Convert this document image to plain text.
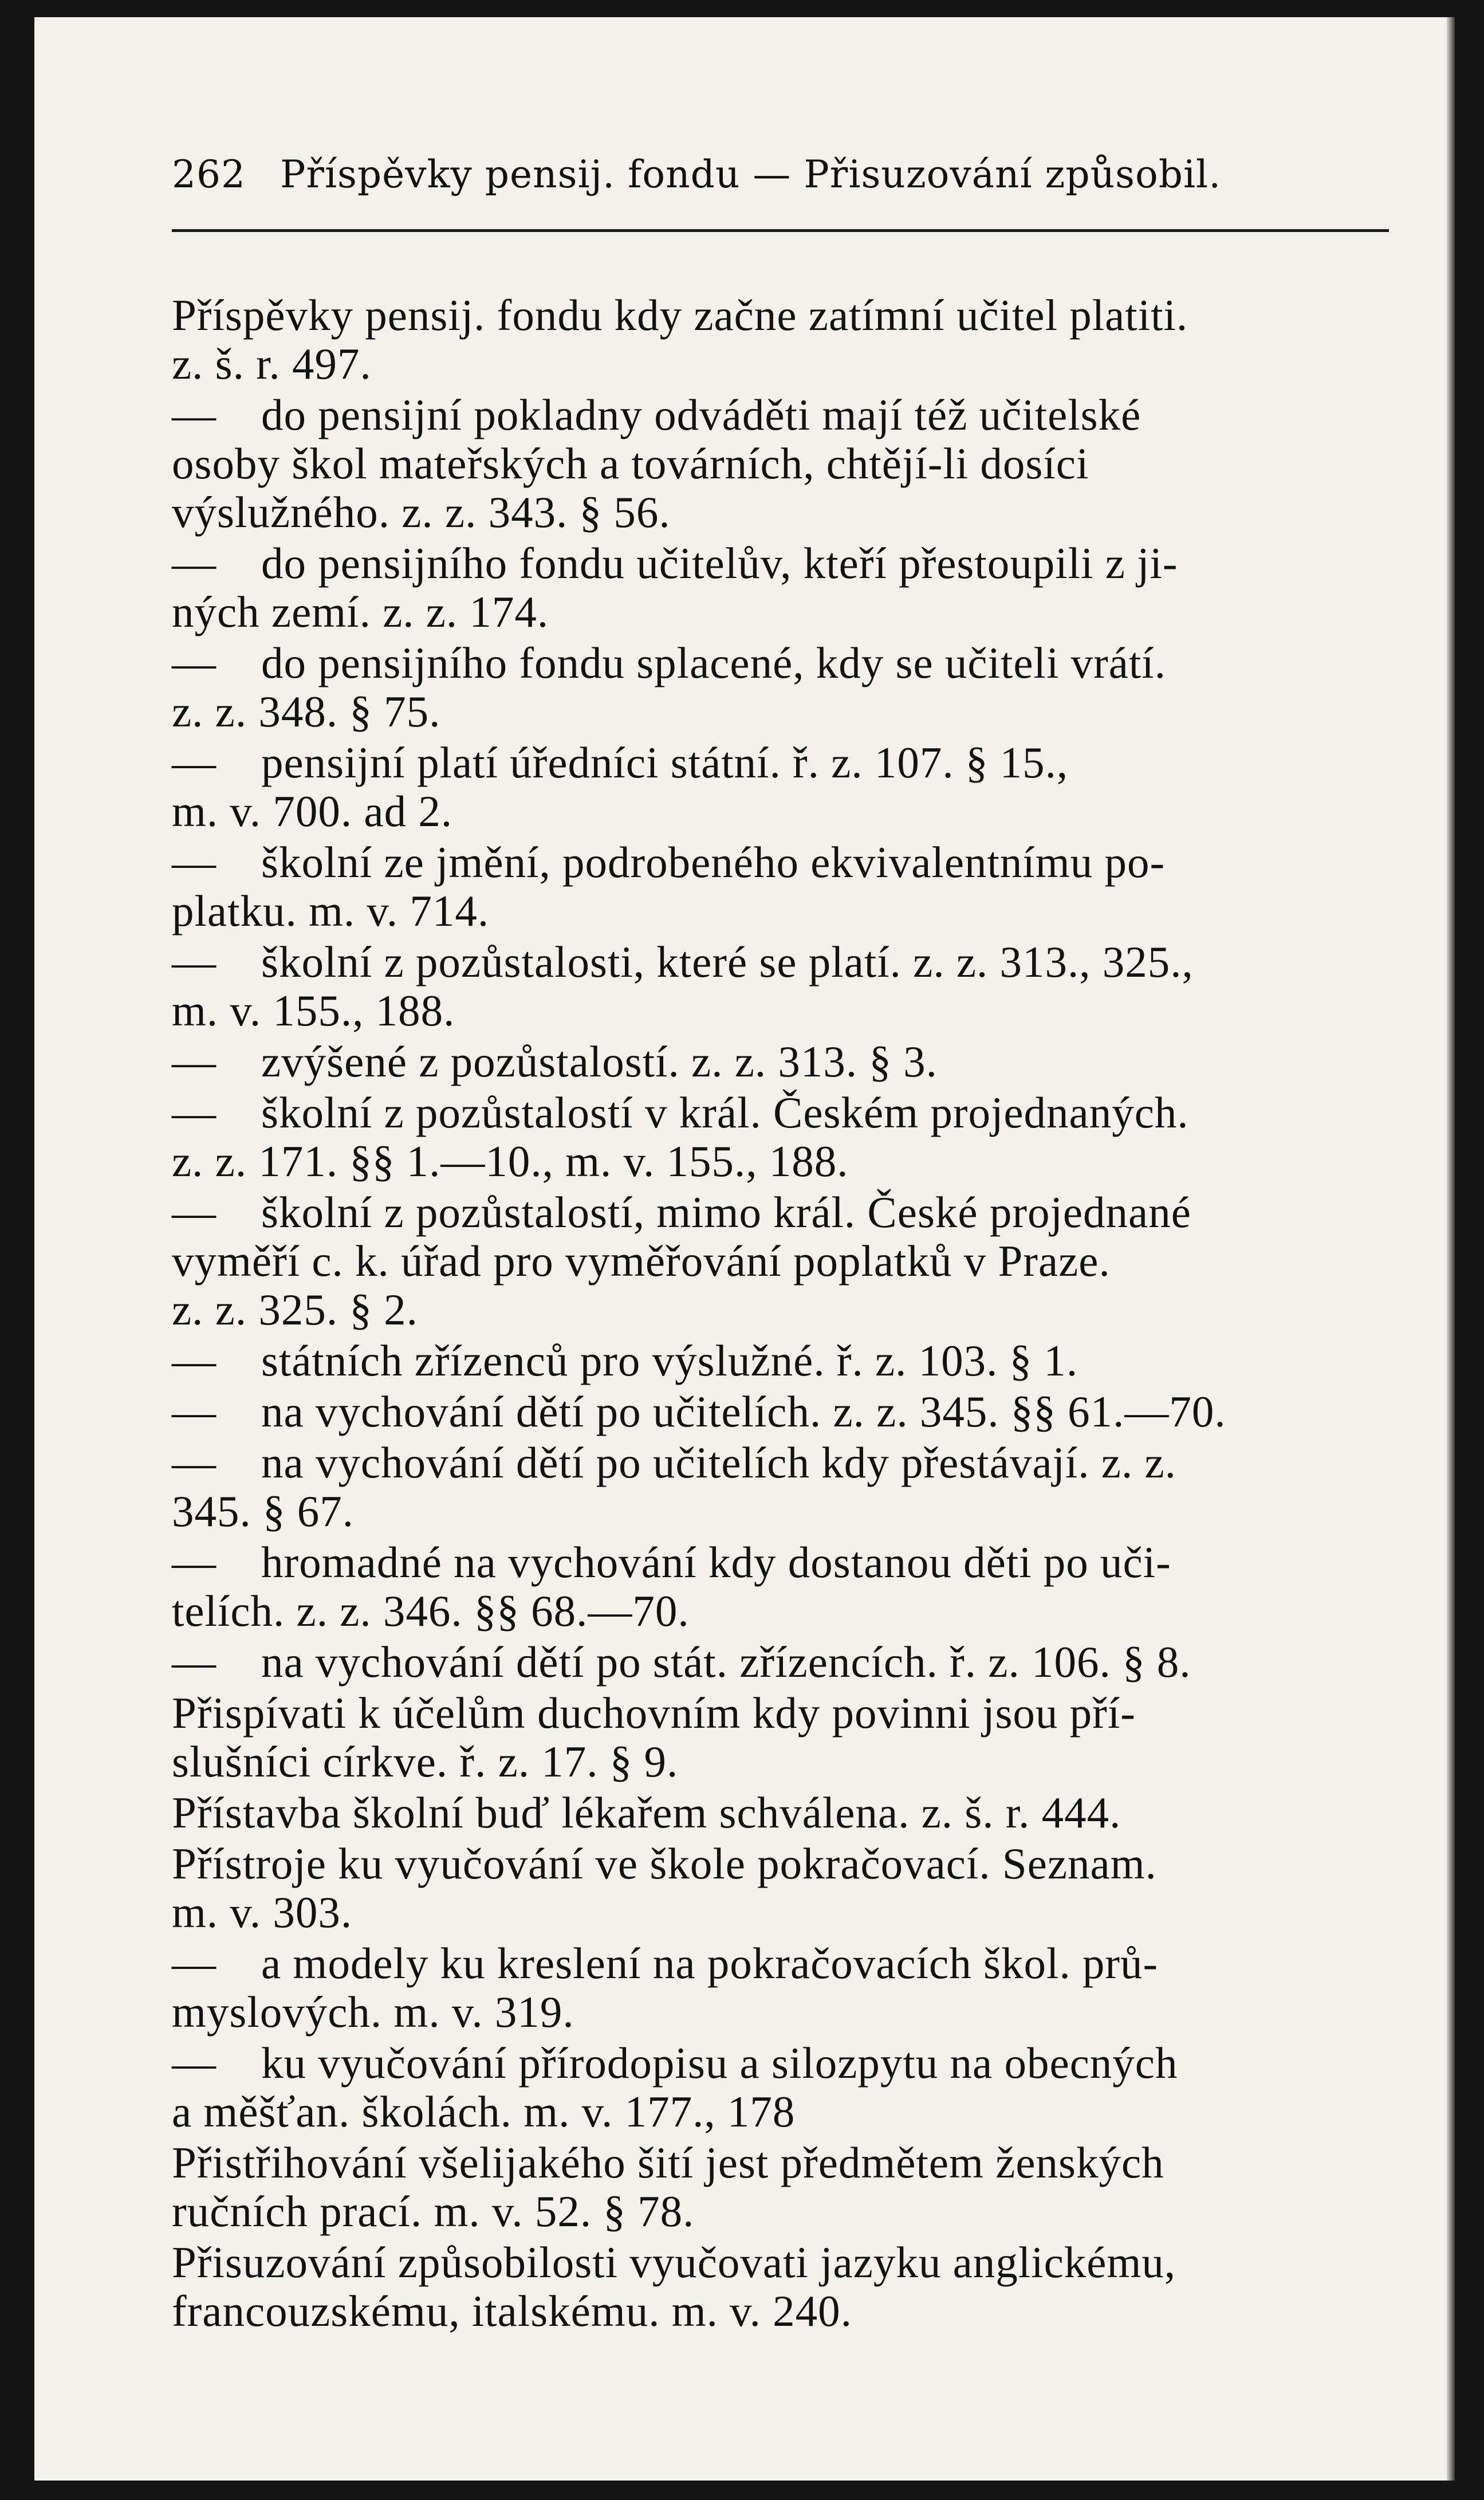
262 Příspěvky pensij. fondu — Přisuzování způsobil.
Příspěvky pensij. fondu kdy začne zatímní učitel platiti.
z. š. r. 497.
— do pensijní pokladny odváděti mají též učitelské
osoby škol mateřských a továrních, chtějí-li dosíci
výslužného. z. z. 343. § 56.
— do pensijního fondu učitelův, kteří přestoupili z ji-
ných zemí. z. z. 174.
— do pensijního fondu splacené, kdy se učiteli vrátí.
z. z. 348. § 75.
— pensijní platí úředníci státní. ř. z. 107. § 15.,
m. v. 700. ad 2.
— školní ze jmění, podrobeného ekvivalentnímu po-
platku. m. v. 714.
— školní z pozůstalosti, které se platí. z. z. 313., 325.,
m. v. 155., 188.
— zvýšené z pozůstalostí. z. z. 313. § 3.
— školní z pozůstalostí v král. Českém projednaných.
z. z. 171. §§ 1.—10., m. v. 155., 188.
— školní z pozůstalostí, mimo král. České projednané
vyměří c. k. úřad pro vyměřování poplatků v Praze.
z. z. 325. § 2.
— státních zřízenců pro výslužné. ř. z. 103. § 1.
— na vychování dětí po učitelích. z. z. 345. §§ 61.—70.
— na vychování dětí po učitelích kdy přestávají. z. z.
345. § 67.
— hromadné na vychování kdy dostanou děti po uči-
telích. z. z. 346. §§ 68.—70.
— na vychování dětí po stát. zřízencích. ř. z. 106. § 8.
Přispívati k účelům duchovním kdy povinni jsou pří-
slušníci církve. ř. z. 17. § 9.
Přístavba školní buď lékařem schválena. z. š. r. 444.
Přístroje ku vyučování ve škole pokračovací. Seznam.
m. v. 303.
— a modely ku kreslení na pokračovacích škol. prů-
myslových. m. v. 319.
— ku vyučování přírodopisu a silozpytu na obecných
a měšťan. školách. m. v. 177., 178
Přistřihování všelijakého šití jest předmětem ženských
ručních prací. m. v. 52. § 78.
Přisuzování způsobilosti vyučovati jazyku anglickému,
francouzskému, italskému. m. v. 240.
